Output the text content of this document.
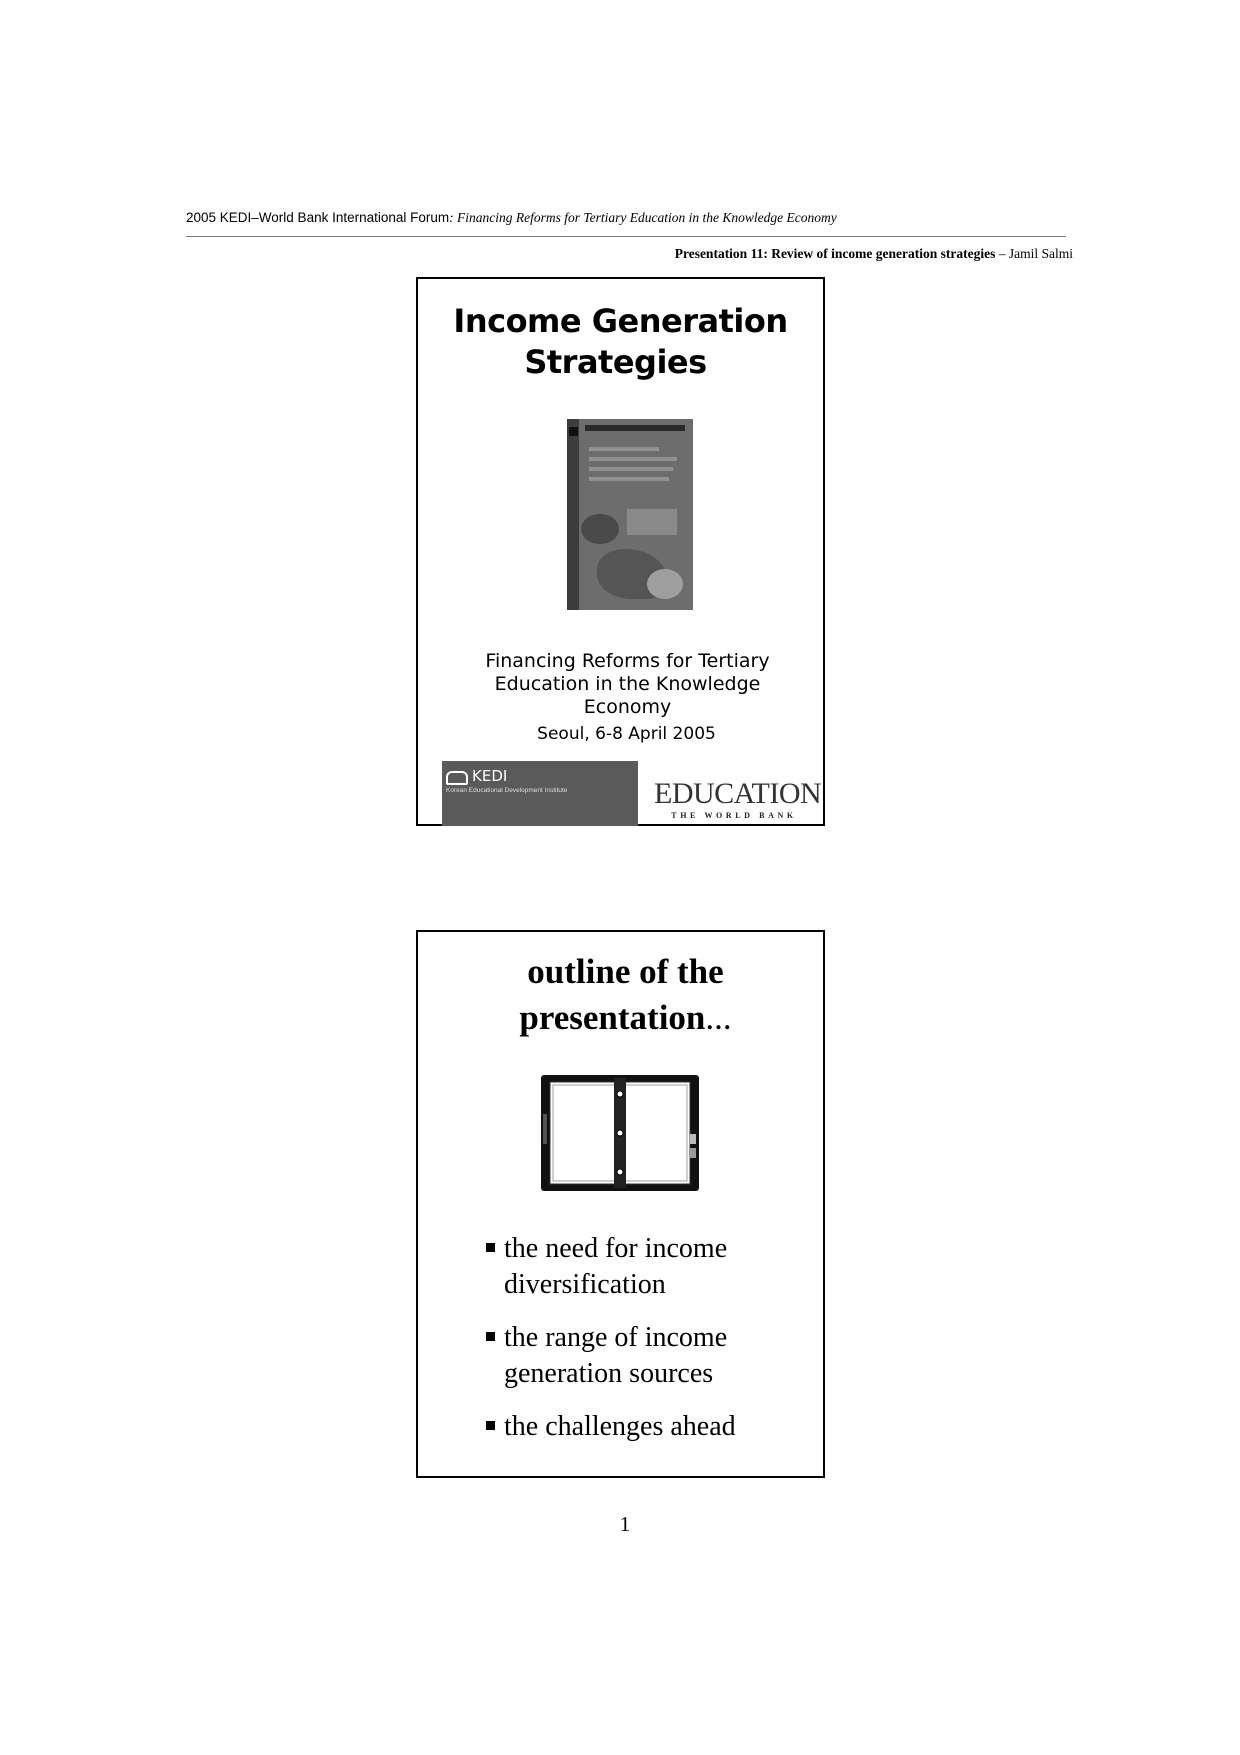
2005 KEDI–World Bank International Forum: Financing Reforms for Tertiary Education in the Knowledge Economy
Presentation 11: Review of income generation strategies – Jamil Salmi
Income Generation
Strategies
Financing Reforms for Tertiary
Education in the Knowledge
Economy
Seoul, 6-8 April 2005
KEDI
Korean Educational Development Institute	EDUCATION
THE WORLD BANK
outline of the
presentation...
the need for income
diversification
the range of income
generation sources
the challenges ahead
1
